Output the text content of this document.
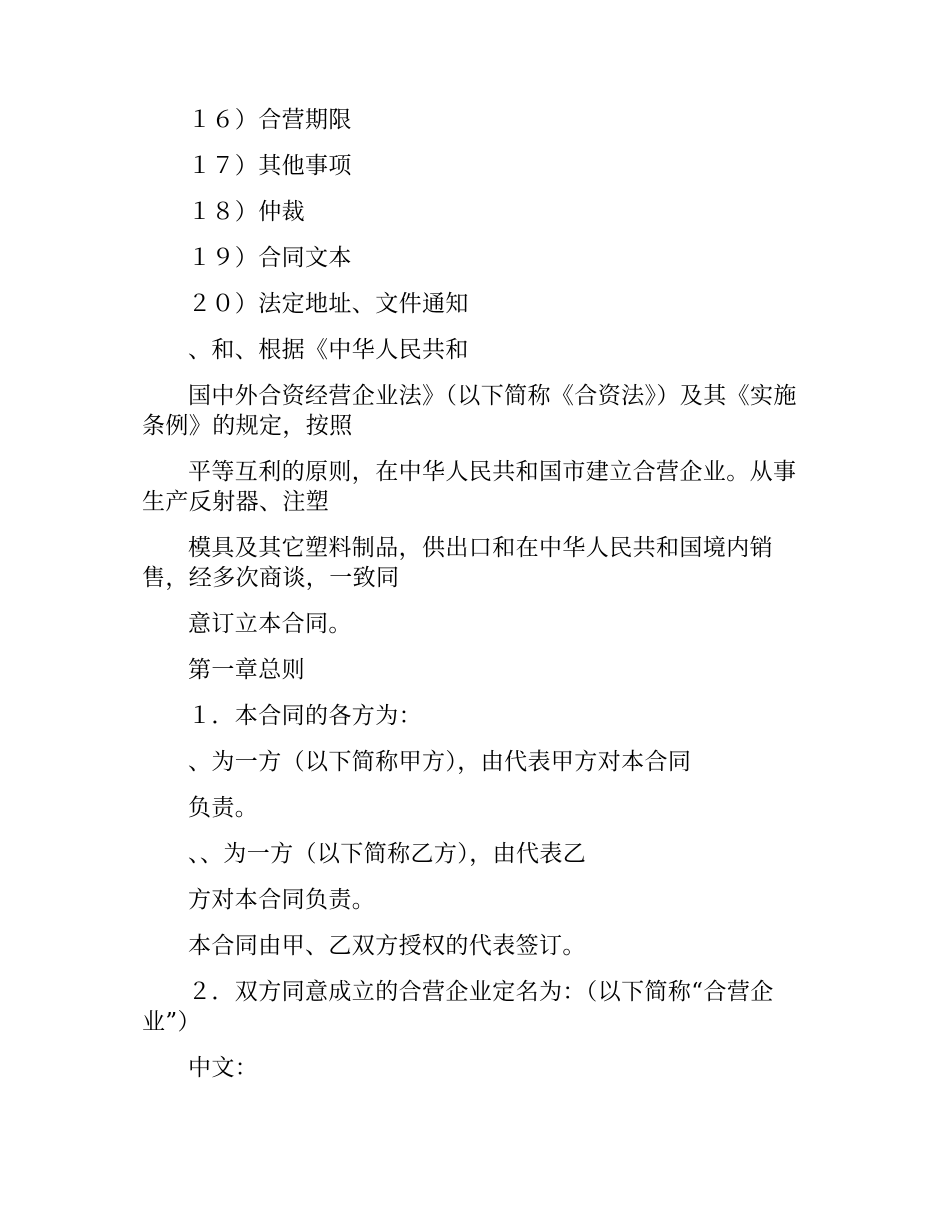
１６）合营期限

１７）其他事项

１８）仲裁

１９）合同文本

２０）法定地址、文件通知

、和、根据《中华人民共和

国中外合资经营企业法》（以下简称《合资法》）及其《实施条例》的规定，按照

平等互利的原则，在中华人民共和国市建立合营企业。从事生产反射器、注塑

模具及其它塑料制品，供出口和在中华人民共和国境内销售，经多次商谈，一致同

意订立本合同。

第一章总则

１．本合同的各方为：

、为一方（以下简称甲方），由代表甲方对本合同

负责。

、、为一方（以下简称乙方），由代表乙

方对本合同负责。

本合同由甲、乙双方授权的代表签订。

２．双方同意成立的合营企业定名为：（以下简称“合营企业”）

中文：
